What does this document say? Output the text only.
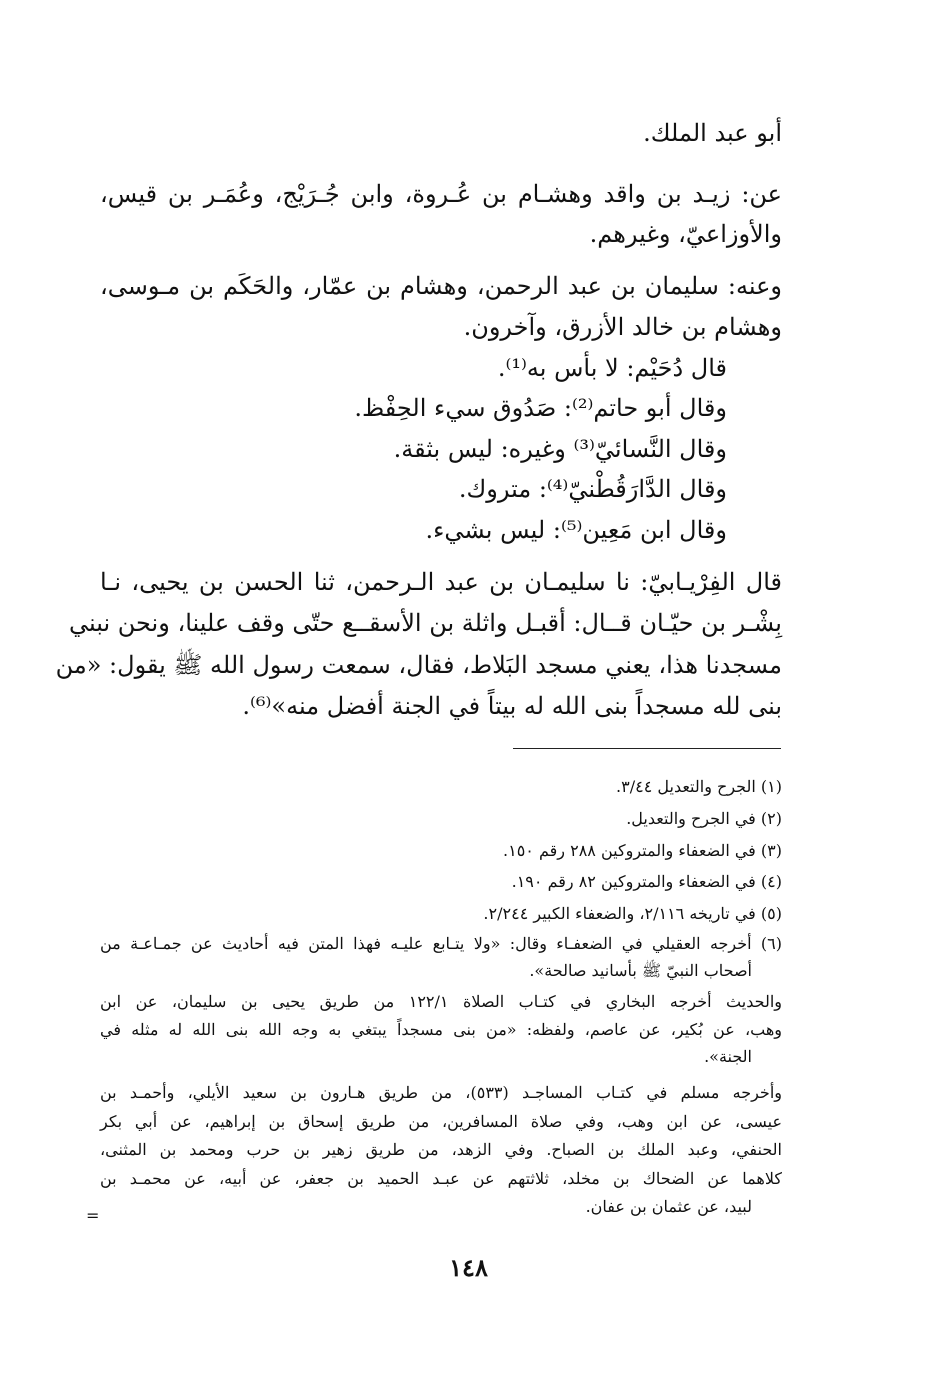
أبو عبد الملك.
عن: زيـد بن واقد وهشـام بن عُـروة، وابن جُـرَيْج، وعُمَـر بن قيس،
والأوزاعيّ، وغيرهم.
وعنه: سليمان بن عبد الرحمن، وهشام بن عمّار، والحَكَم بن مـوسى،
وهشام بن خالد الأزرق، وآخرون.
قال دُحَيْم: لا بأس به⁽¹⁾.
وقال أبو حاتم⁽²⁾: صَدُوق سيء الحِفْظ.
وقال النَّسائيّ⁽³⁾ وغيره: ليس بثقة.
وقال الدَّارَقُطْنيّ⁽⁴⁾: متروك.
وقال ابن مَعِين⁽⁵⁾: ليس بشيء.
قال الفِرْيـابيّ: نا سليمـان بن عبد الـرحمن، ثنا الحسن بن يحيى، نـا
بِشْـر بن حيّـان قــال: أقبـل واثلة بن الأسقــع حتّى وقف علينا، ونحن نبني
مسجدنا هذا، يعني مسجد البَلاط، فقال، سمعت رسول الله ﷺ يقول: «من
بنى لله مسجداً بنى الله له بيتاً في الجنة أفضل منه»⁽⁶⁾.
(١) الجرح والتعديل ٣/٤٤.
(٢) في الجرح والتعديل.
(٣) في الضعفاء والمتروكين ٢٨٨ رقم ١٥٠.
(٤) في الضعفاء والمتروكين ٨٢ رقم ١٩٠.
(٥) في تاريخه ٢/١١٦، والضعفاء الكبير ٢/٢٤٤.
(٦) أخرجه العقيلي في الضعفـاء وقال: «ولا يتـابع عليـه فهذا المتن فيه أحاديث عن جمـاعـة من
أصحاب النبيّ ﷺ بأسانيد صالحة».
والحديث أخرجه البخاري في كتـاب الصلاة ١٢٢/١ من طريق يحيى بن سليمان، عن ابن
وهب، عن بُكير، عن عاصم، ولفظه: «من بنى مسجداً يبتغي به وجه الله بنى الله له مثله في
الجنة».
وأخرجه مسلم في كتـاب المساجـد (٥٣٣)، من طريق هـارون بن سعيد الأيلي، وأحمـد بن
عيسى، عن ابن وهب، وفي صلاة المسافرين، من طريق إسحاق بن إبراهيم، عن أبي بكر
الحنفي، وعبد الملك بن الصباح. وفي الزهد، من طريق زهير بن حرب ومحمد بن المثنى،
كلاهما عن الضحاك بن مخلد، ثلاثتهم عن عبـد الحميد بن جعفر، عن أبيه، عن محمـد بن
لبيد، عن عثمان بن عفان.
=
١٤٨
